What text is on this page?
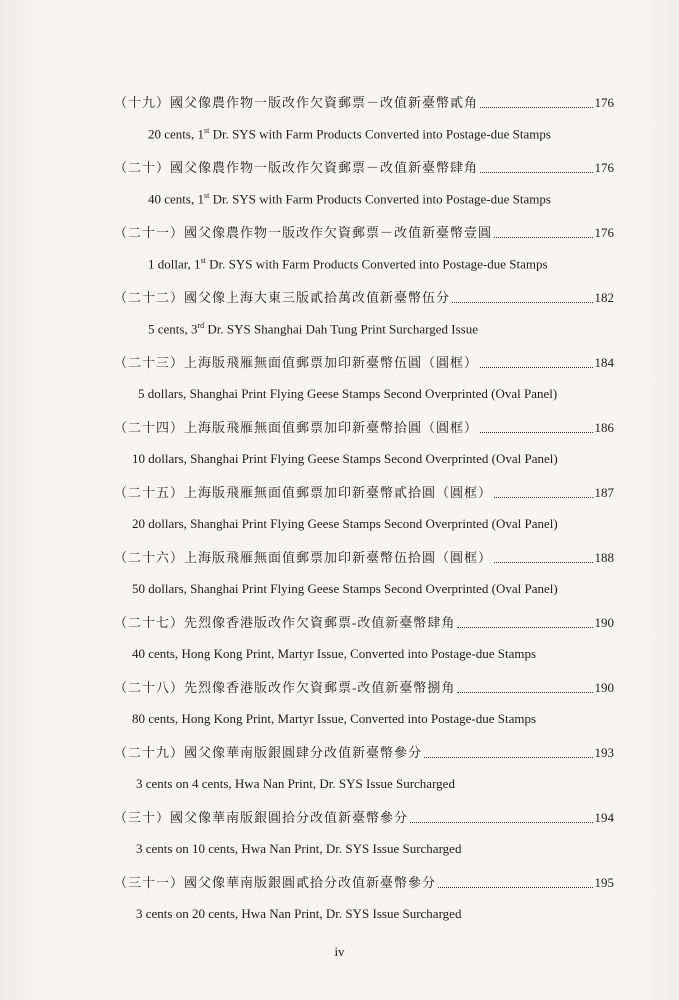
（十九）國父像農作物一版改作欠資郵票－改值新臺幣貳角	176
20 cents, 1st Dr. SYS with Farm Products Converted into Postage-due Stamps
（二十）國父像農作物一版改作欠資郵票－改值新臺幣肆角	176
40 cents, 1st Dr. SYS with Farm Products Converted into Postage-due Stamps
（二十一）國父像農作物一版改作欠資郵票－改值新臺幣壹圓	176
1 dollar, 1st Dr. SYS with Farm Products Converted into Postage-due Stamps
（二十二）國父像上海大東三版貳拾萬改值新臺幣伍分	182
5 cents, 3rd Dr. SYS Shanghai Dah Tung Print Surcharged Issue
（二十三）上海版飛雁無面值郵票加印新臺幣伍圓（圓框）	184
5 dollars, Shanghai Print Flying Geese Stamps Second Overprinted (Oval Panel)
（二十四）上海版飛雁無面值郵票加印新臺幣拾圓（圓框）	186
10 dollars, Shanghai Print Flying Geese Stamps Second Overprinted (Oval Panel)
（二十五）上海版飛雁無面值郵票加印新臺幣貳拾圓（圓框）	187
20 dollars, Shanghai Print Flying Geese Stamps Second Overprinted (Oval Panel)
（二十六）上海版飛雁無面值郵票加印新臺幣伍拾圓（圓框）	188
50 dollars, Shanghai Print Flying Geese Stamps Second Overprinted (Oval Panel)
（二十七）先烈像香港版改作欠資郵票-改值新臺幣肆角	190
40 cents, Hong Kong Print, Martyr Issue, Converted into Postage-due Stamps
（二十八）先烈像香港版改作欠資郵票-改值新臺幣捌角	190
80 cents, Hong Kong Print, Martyr Issue, Converted into Postage-due Stamps
（二十九）國父像華南版銀圓肆分改值新臺幣參分	193
3 cents on 4 cents, Hwa Nan Print, Dr. SYS Issue Surcharged
（三十）國父像華南版銀圓拾分改值新臺幣參分	194
3 cents on 10 cents, Hwa Nan Print, Dr. SYS Issue Surcharged
（三十一）國父像華南版銀圓貳拾分改值新臺幣參分	195
3 cents on 20 cents, Hwa Nan Print, Dr. SYS Issue Surcharged
iv
